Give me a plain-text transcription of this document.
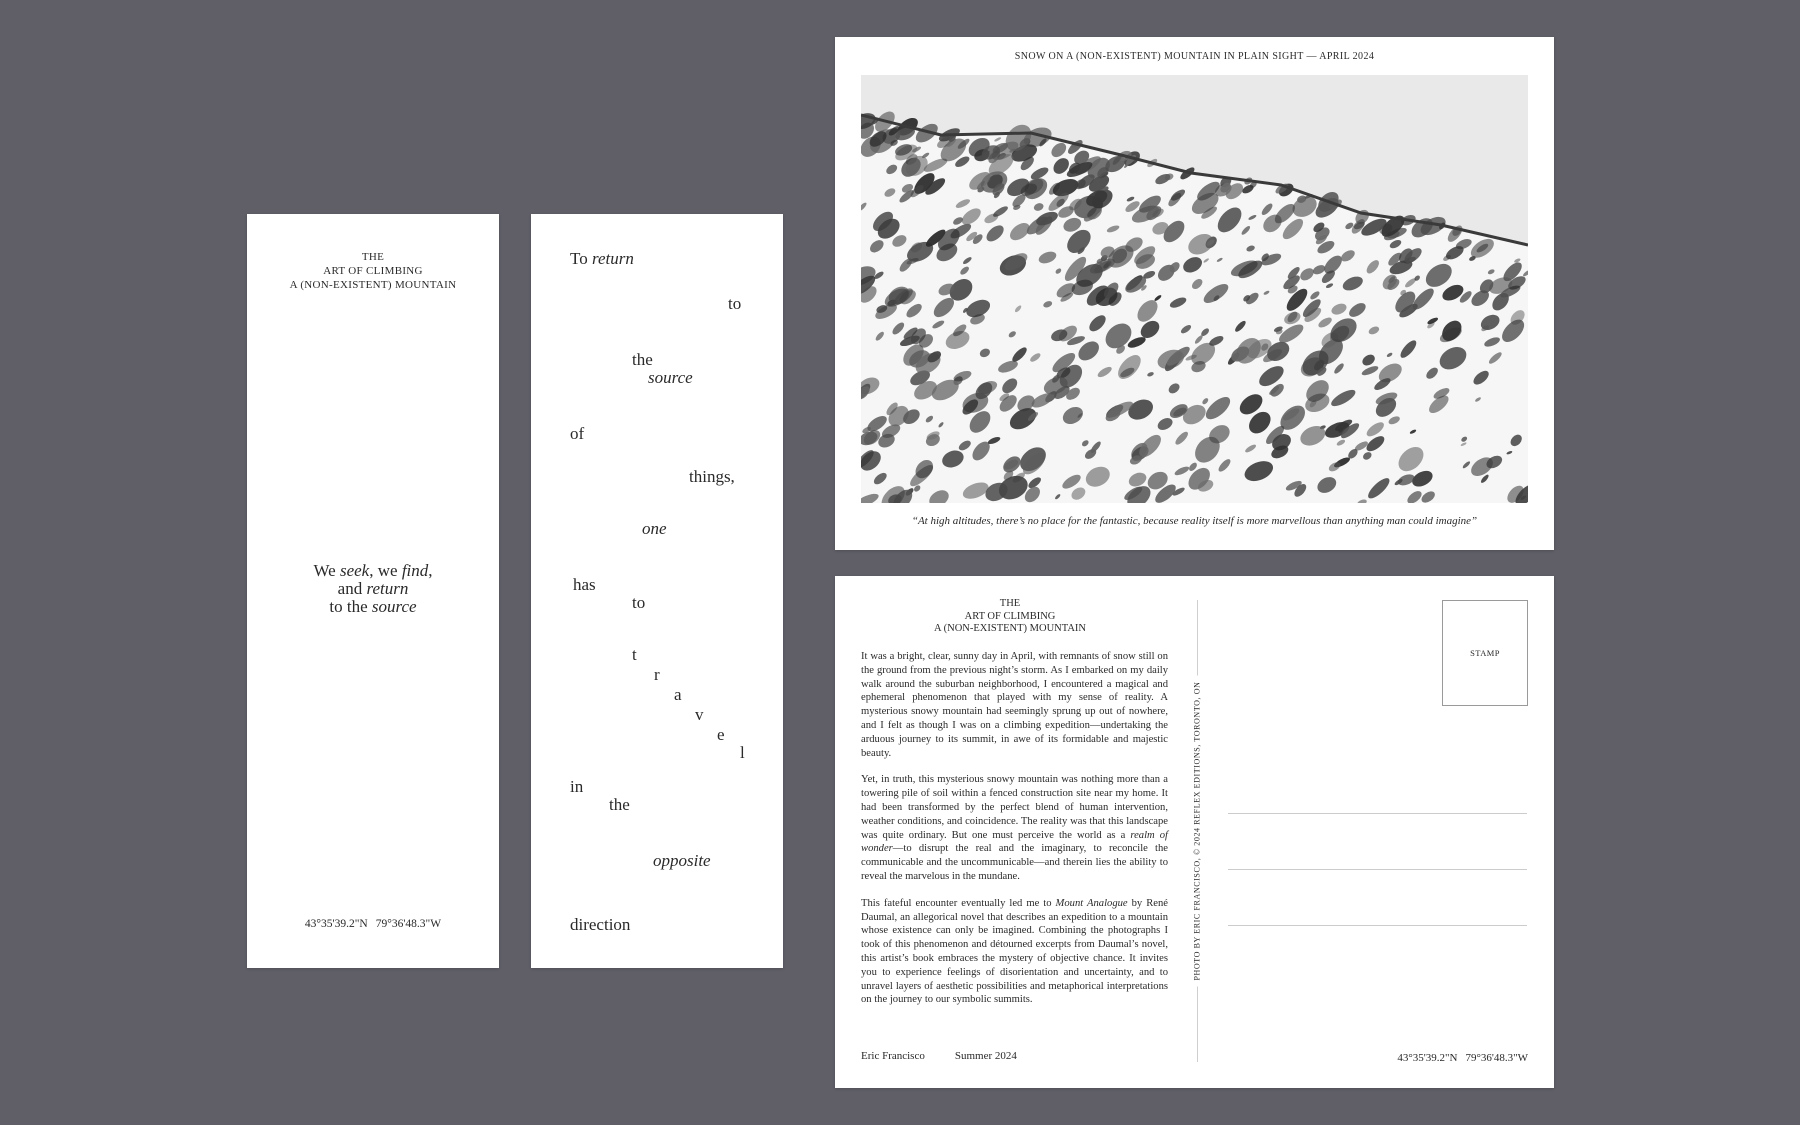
THE
ART OF CLIMBING
A (NON-EXISTENT) MOUNTAIN
We seek, we find,
and return
to the source
43°35'39.2"N 79°36'48.3"W
To return
to
the
source
of
things,
one
has
to
t
r
a
v
e
l
in
the
opposite
direction
SNOW ON A (NON-EXISTENT) MOUNTAIN IN PLAIN SIGHT — APRIL 2024
“At high altitudes, there’s no place for the fantastic, because reality itself is more marvellous than anything man could imagine”
THE
ART OF CLIMBING
A (NON-EXISTENT) MOUNTAIN

It was a bright, clear, sunny day in April, with remnants of snow still on the ground from the previous night’s storm. As I embarked on my daily walk around the suburban neighborhood, I encountered a magical and ephemeral phenomenon that played with my sense of reality. A mysterious snowy mountain had seemingly sprung up out of nowhere, and I felt as though I was on a climbing expedition—undertaking the arduous journey to its summit, in awe of its formidable and majestic beauty.

Yet, in truth, this mysterious snowy mountain was nothing more than a towering pile of soil within a fenced construction site near my home. It had been transformed by the perfect blend of human intervention, weather conditions, and coincidence. The reality was that this landscape was quite ordinary. But one must perceive the world as a realm of wonder—to disrupt the real and the imaginary, to reconcile the communicable and the uncommunicable—and therein lies the ability to reveal the marvelous in the mundane.

This fateful encounter eventually led me to Mount Analogue by René Daumal, an allegorical novel that describes an expedition to a mountain whose existence can only be imagined. Combining the photographs I took of this phenomenon and détourned excerpts from Daumal’s novel, this artist’s book embraces the mystery of objective chance. It invites you to experience feelings of disorientation and uncertainty, and to unravel layers of aesthetic possibilities and metaphorical interpretations on the journey to our symbolic summits.

Eric Francisco	Summer 2024
PHOTO BY ERIC FRANCISCO, © 2024 REFLEX EDITIONS, TORONTO, ON
STAMP
43°35'39.2"N 79°36'48.3"W
